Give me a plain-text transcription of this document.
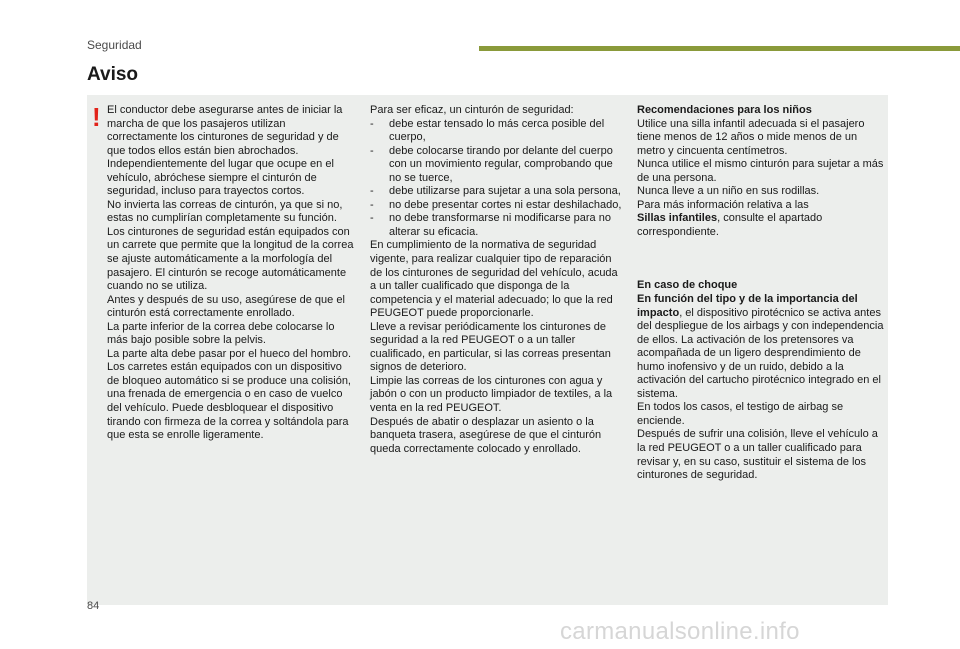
Seguridad
Aviso
! El conductor debe asegurarse antes de iniciar la marcha de que los pasajeros utilizan correctamente los cinturones de seguridad y de que todos ellos están bien abrochados.

Independientemente del lugar que ocupe en el vehículo, abróchese siempre el cinturón de seguridad, incluso para trayectos cortos.

No invierta las correas de cinturón, ya que si no, estas no cumplirían completamente su función.

Los cinturones de seguridad están equipados con un carrete que permite que la longitud de la correa se ajuste automáticamente a la morfología del pasajero. El cinturón se recoge automáticamente cuando no se utiliza.

Antes y después de su uso, asegúrese de que el cinturón está correctamente enrollado.

La parte inferior de la correa debe colocarse lo más bajo posible sobre la pelvis.

La parte alta debe pasar por el hueco del hombro.

Los carretes están equipados con un dispositivo de bloqueo automático si se produce una colisión, una frenada de emergencia o en caso de vuelco del vehículo. Puede desbloquear el dispositivo tirando con firmeza de la correa y soltándola para que esta se enrolle ligeramente.

Para ser eficaz, un cinturón de seguridad:

-	debe estar tensado lo más cerca posible del cuerpo,
-	debe colocarse tirando por delante del cuerpo con un movimiento regular, comprobando que no se tuerce,
-	debe utilizarse para sujetar a una sola persona,
-	no debe presentar cortes ni estar deshilachado,
-	no debe transformarse ni modificarse para no alterar su eficacia.

En cumplimiento de la normativa de seguridad vigente, para realizar cualquier tipo de reparación de los cinturones de seguridad del vehículo, acuda a un taller cualificado que disponga de la competencia y el material adecuado; lo que la red PEUGEOT puede proporcionarle.

Lleve a revisar periódicamente los cinturones de seguridad a la red PEUGEOT o a un taller cualificado, en particular, si las correas presentan signos de deterioro.

Limpie las correas de los cinturones con agua y jabón o con un producto limpiador de textiles, a la venta en la red PEUGEOT.

Después de abatir o desplazar un asiento o la banqueta trasera, asegúrese de que el cinturón queda correctamente colocado y enrollado.

Recomendaciones para los niños

Utilice una silla infantil adecuada si el pasajero tiene menos de 12 años o mide menos de un metro y cincuenta centímetros.

Nunca utilice el mismo cinturón para sujetar a más de una persona.

Nunca lleve a un niño en sus rodillas.

Para más información relativa a las
Sillas infantiles, consulte el apartado correspondiente.

En caso de choque

En función del tipo y de la importancia del impacto, el dispositivo pirotécnico se activa antes del despliegue de los airbags y con independencia de ellos. La activación de los pretensores va acompañada de un ligero desprendimiento de humo inofensivo y de un ruido, debido a la activación del cartucho pirotécnico integrado en el sistema.

En todos los casos, el testigo de airbag se enciende.

Después de sufrir una colisión, lleve el vehículo a la red PEUGEOT o a un taller cualificado para revisar y, en su caso, sustituir el sistema de los cinturones de seguridad.

84
carmanualsonline.info
